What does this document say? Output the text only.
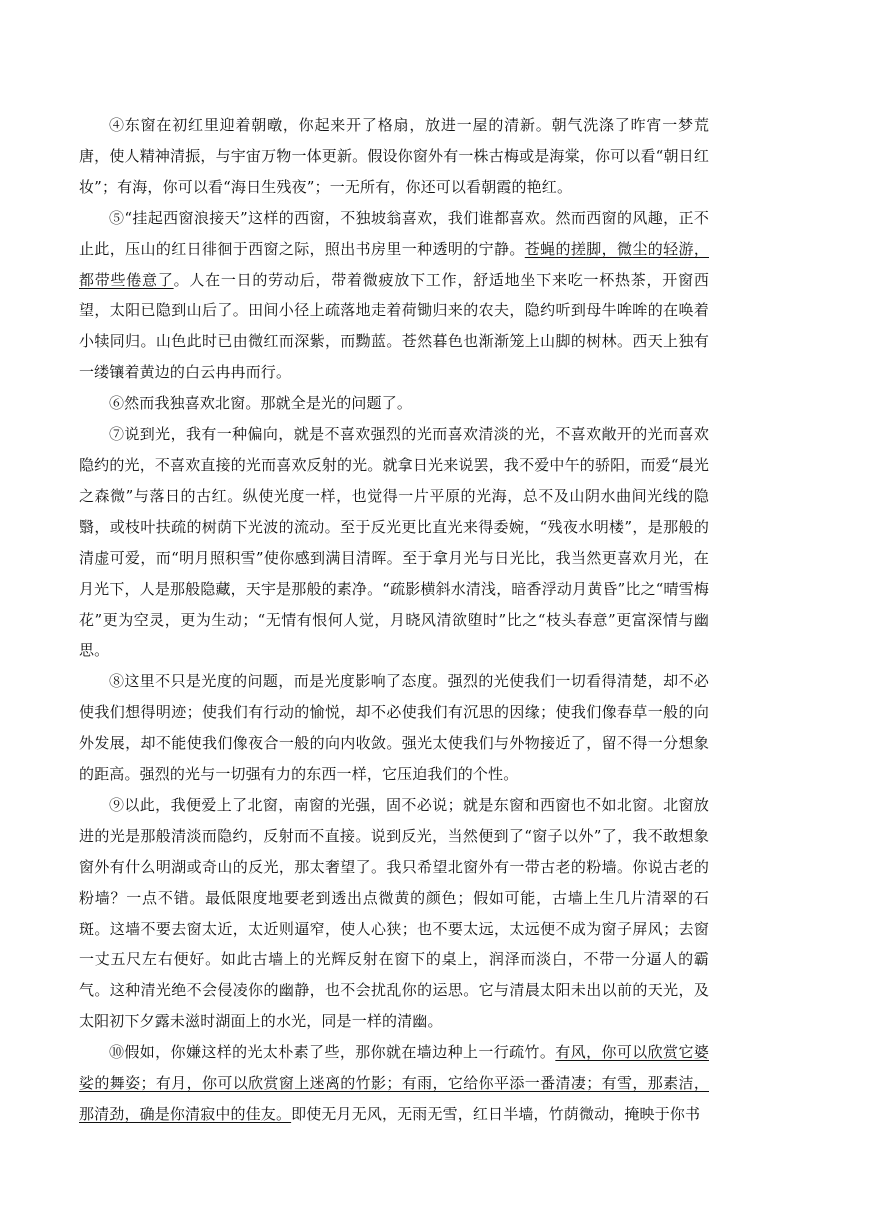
④东窗在初红里迎着朝暾，你起来开了格扇，放进一屋的清新。朝气洗涤了昨宵一梦荒唐，使人精神清振，与宇宙万物一体更新。假设你窗外有一株古梅或是海棠，你可以看“朝日红妆”；有海，你可以看“海日生残夜”；一无所有，你还可以看朝霞的艳红。

⑤“挂起西窗浪接天”这样的西窗，不独坡翁喜欢，我们谁都喜欢。然而西窗的风趣，正不止此，压山的红日徘徊于西窗之际，照出书房里一种透明的宁静。苍蝇的搓脚，微尘的轻游，都带些倦意了。人在一日的劳动后，带着微疲放下工作，舒适地坐下来吃一杯热茶，开窗西望，太阳已隐到山后了。田间小径上疏落地走着荷锄归来的农夫，隐约听到母牛哞哞的在唤着小犊同归。山色此时已由微红而深紫，而黝蓝。苍然暮色也渐渐笼上山脚的树林。西天上独有一缕镶着黄边的白云冉冉而行。

⑥然而我独喜欢北窗。那就全是光的问题了。

⑦说到光，我有一种偏向，就是不喜欢强烈的光而喜欢清淡的光，不喜欢敞开的光而喜欢隐约的光，不喜欢直接的光而喜欢反射的光。就拿日光来说罢，我不爱中午的骄阳，而爱“晨光之森微”与落日的古红。纵使光度一样，也觉得一片平原的光海，总不及山阴水曲间光线的隐翳，或枝叶扶疏的树荫下光波的流动。至于反光更比直光来得委婉，“残夜水明楼”，是那般的清虚可爱，而“明月照积雪”使你感到满目清晖。至于拿月光与日光比，我当然更喜欢月光，在月光下，人是那般隐藏，天宇是那般的素净。“疏影横斜水清浅，暗香浮动月黄昏”比之“晴雪梅花”更为空灵，更为生动；“无情有恨何人觉，月晓风清欲堕时”比之“枝头春意”更富深情与幽思。

⑧这里不只是光度的问题，而是光度影响了态度。强烈的光使我们一切看得清楚，却不必使我们想得明迹；使我们有行动的愉悦，却不必使我们有沉思的因缘；使我们像春草一般的向外发展，却不能使我们像夜合一般的向内收敛。强光太使我们与外物接近了，留不得一分想象的距高。强烈的光与一切强有力的东西一样，它压迫我们的个性。

⑨以此，我便爱上了北窗，南窗的光强，固不必说；就是东窗和西窗也不如北窗。北窗放进的光是那般清淡而隐约，反射而不直接。说到反光，当然便到了“窗子以外”了，我不敢想象窗外有什么明湖或奇山的反光，那太奢望了。我只希望北窗外有一带古老的粉墙。你说古老的粉墙？一点不错。最低限度地要老到透出点微黄的颜色；假如可能，古墙上生几片清翠的石斑。这墙不要去窗太近，太近则逼窄，使人心狭；也不要太远，太远便不成为窗子屏风；去窗一丈五尺左右便好。如此古墙上的光辉反射在窗下的桌上，润泽而淡白，不带一分逼人的霸气。这种清光绝不会侵凌你的幽静，也不会扰乱你的运思。它与清晨太阳未出以前的天光，及太阳初下夕露未滋时湖面上的水光，同是一样的清幽。

⑩假如，你嫌这样的光太朴素了些，那你就在墙边种上一行疏竹。有风，你可以欣赏它婆娑的舞姿；有月，你可以欣赏窗上迷离的竹影；有雨，它给你平添一番清凄；有雪，那素洁，那清劲，确是你清寂中的佳友。即使无月无风，无雨无雪，红日半墙，竹荫微动，掩映于你书
